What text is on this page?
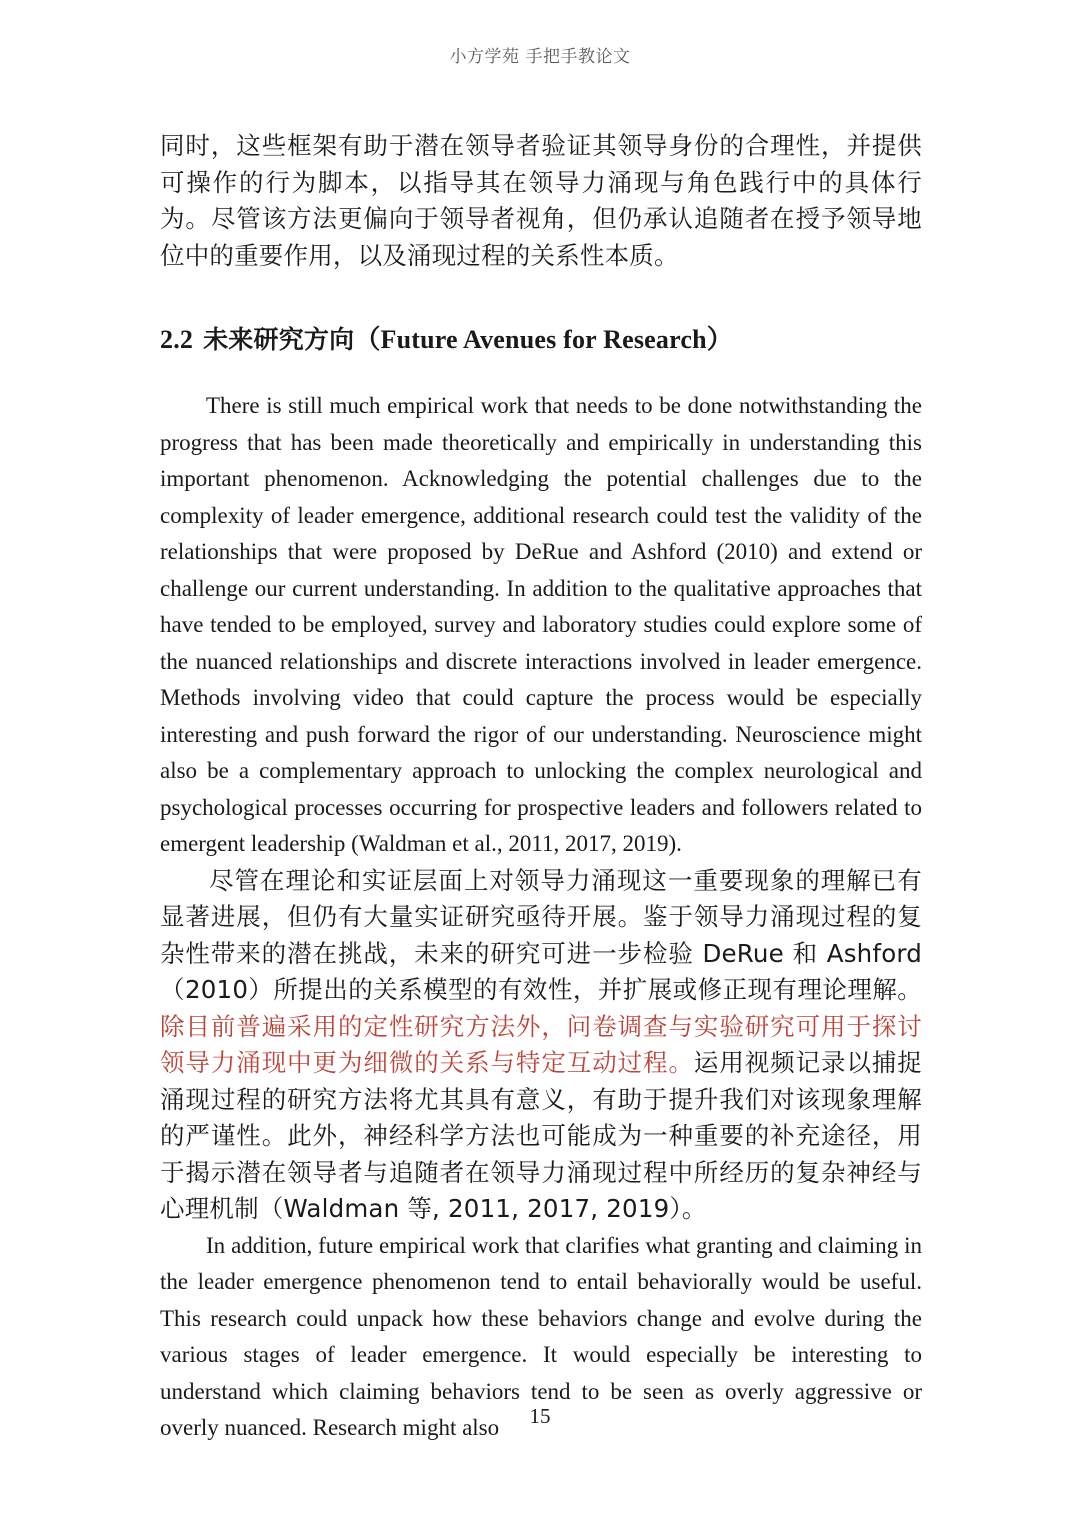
小方学苑 手把手教论文

同时，这些框架有助于潜在领导者验证其领导身份的合理性，并提供可操作的行为脚本，以指导其在领导力涌现与角色践行中的具体行为。尽管该方法更偏向于领导者视角，但仍承认追随者在授予领导地位中的重要作用，以及涌现过程的关系性本质。

2.2 未来研究方向（Future Avenues for Research）

There is still much empirical work that needs to be done notwithstanding the progress that has been made theoretically and empirically in understanding this important phenomenon. Acknowledging the potential challenges due to the complexity of leader emergence, additional research could test the validity of the relationships that were proposed by DeRue and Ashford (2010) and extend or challenge our current understanding. In addition to the qualitative approaches that have tended to be employed, survey and laboratory studies could explore some of the nuanced relationships and discrete interactions involved in leader emergence. Methods involving video that could capture the process would be especially interesting and push forward the rigor of our understanding. Neuroscience might also be a complementary approach to unlocking the complex neurological and psychological processes occurring for prospective leaders and followers related to emergent leadership (Waldman et al., 2011, 2017, 2019).

尽管在理论和实证层面上对领导力涌现这一重要现象的理解已有显著进展，但仍有大量实证研究亟待开展。鉴于领导力涌现过程的复杂性带来的潜在挑战，未来的研究可进一步检验 DeRue 和 Ashford（2010）所提出的关系模型的有效性，并扩展或修正现有理论理解。除目前普遍采用的定性研究方法外，问卷调查与实验研究可用于探讨领导力涌现中更为细微的关系与特定互动过程。运用视频记录以捕捉涌现过程的研究方法将尤其具有意义，有助于提升我们对该现象理解的严谨性。此外，神经科学方法也可能成为一种重要的补充途径，用于揭示潜在领导者与追随者在领导力涌现过程中所经历的复杂神经与心理机制（Waldman 等, 2011, 2017, 2019）。

In addition, future empirical work that clarifies what granting and claiming in the leader emergence phenomenon tend to entail behaviorally would be useful. This research could unpack how these behaviors change and evolve during the various stages of leader emergence. It would especially be interesting to understand which claiming behaviors tend to be seen as overly aggressive or overly nuanced. Research might also	15
